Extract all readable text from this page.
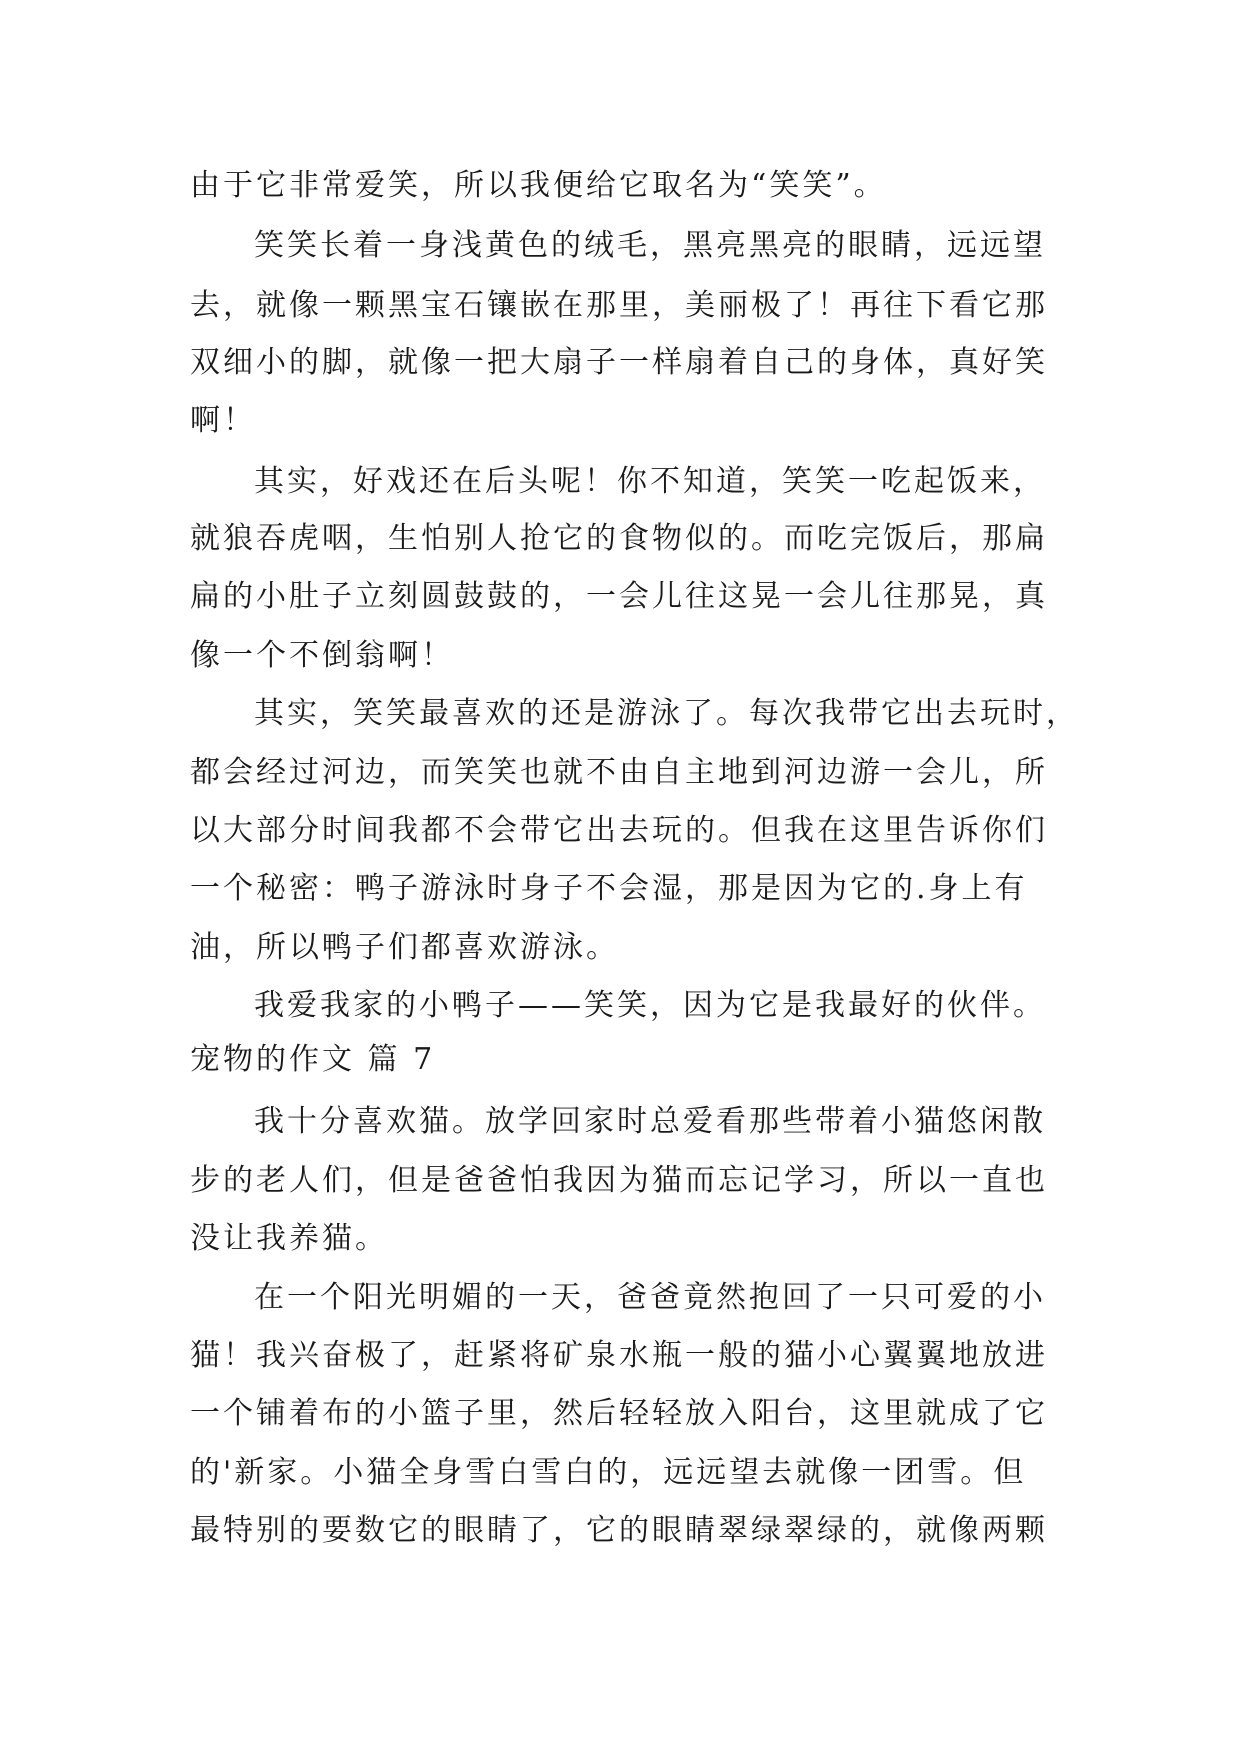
由于它非常爱笑，所以我便给它取名为“笑笑”。
笑笑长着一身浅黄色的绒毛，黑亮黑亮的眼睛，远远望
去，就像一颗黑宝石镶嵌在那里，美丽极了！再往下看它那
双细小的脚，就像一把大扇子一样扇着自己的身体，真好笑
啊！
其实，好戏还在后头呢！你不知道，笑笑一吃起饭来，
就狼吞虎咽，生怕别人抢它的食物似的。而吃完饭后，那扁
扁的小肚子立刻圆鼓鼓的，一会儿往这晃一会儿往那晃，真
像一个不倒翁啊！
其实，笑笑最喜欢的还是游泳了。每次我带它出去玩时，
都会经过河边，而笑笑也就不由自主地到河边游一会儿，所
以大部分时间我都不会带它出去玩的。但我在这里告诉你们
一个秘密：鸭子游泳时身子不会湿，那是因为它的.身上有
油，所以鸭子们都喜欢游泳。
我爱我家的小鸭子——笑笑，因为它是我最好的伙伴。
宠物的作文 篇 7
我十分喜欢猫。放学回家时总爱看那些带着小猫悠闲散
步的老人们，但是爸爸怕我因为猫而忘记学习，所以一直也
没让我养猫。
在一个阳光明媚的一天，爸爸竟然抱回了一只可爱的小
猫！我兴奋极了，赶紧将矿泉水瓶一般的猫小心翼翼地放进
一个铺着布的小篮子里，然后轻轻放入阳台，这里就成了它
的'新家。小猫全身雪白雪白的，远远望去就像一团雪。但
最特别的要数它的眼睛了，它的眼睛翠绿翠绿的，就像两颗
